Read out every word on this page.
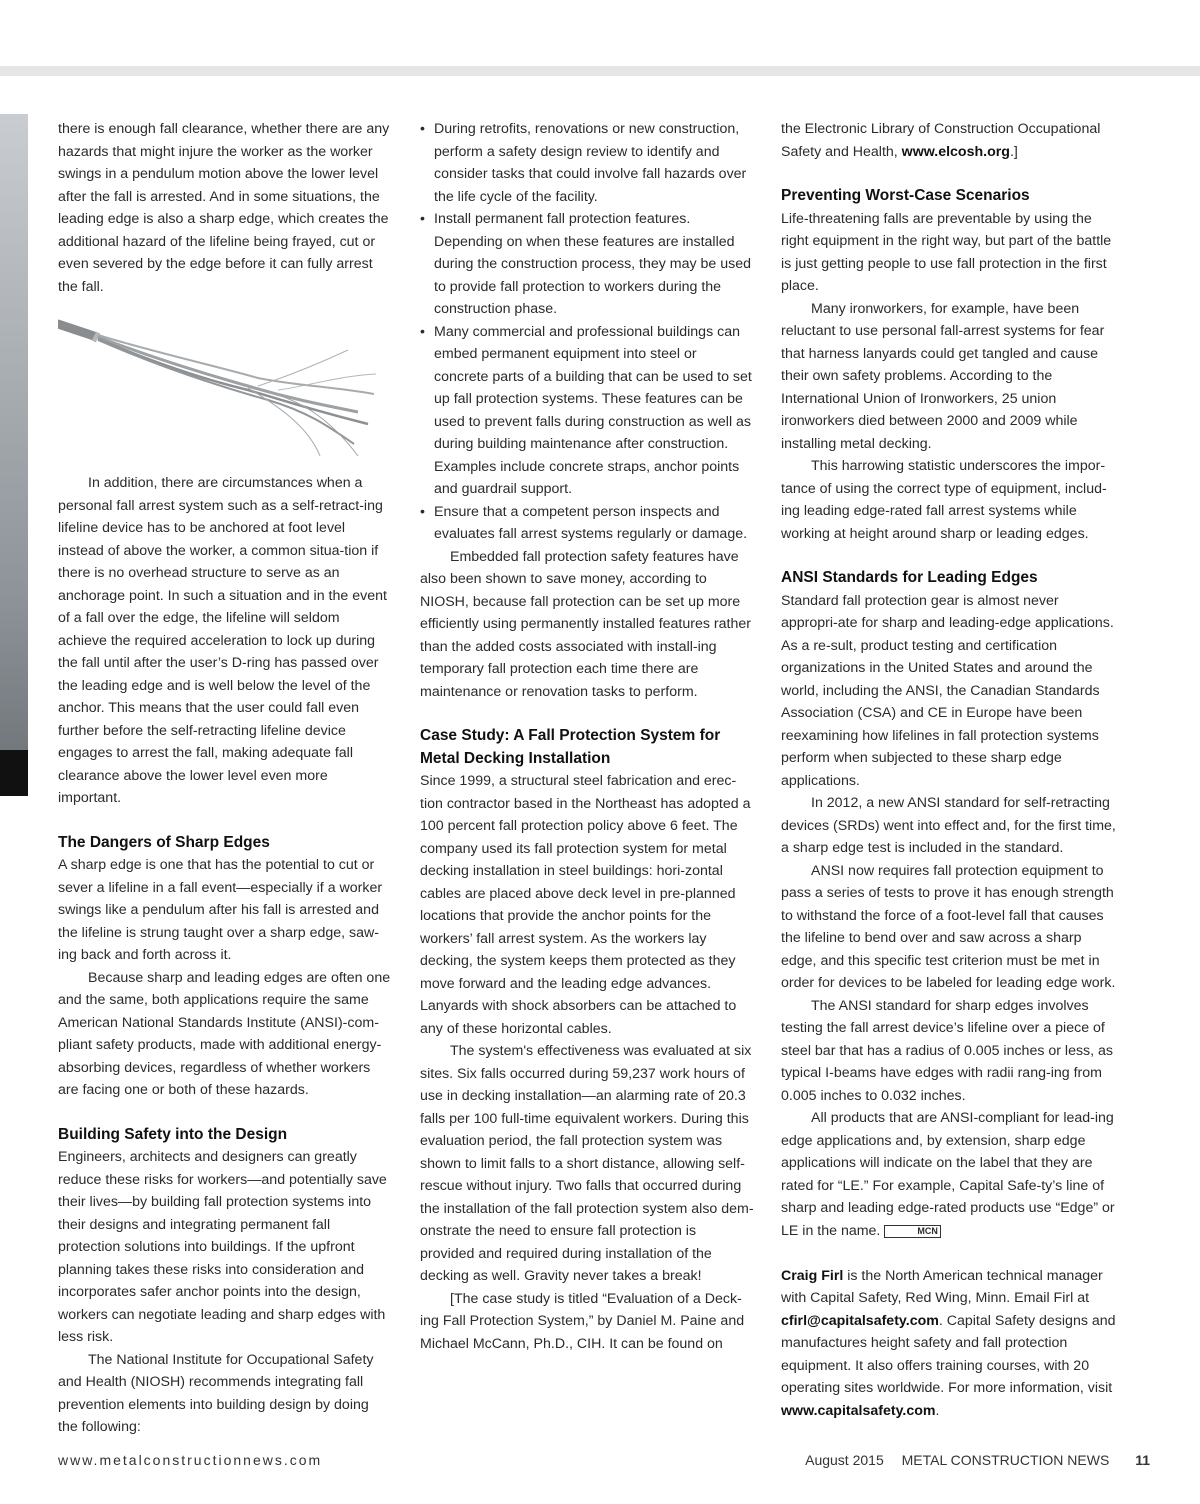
there is enough fall clearance, whether there are any hazards that might injure the worker as the worker swings in a pendulum motion above the lower level after the fall is arrested. And in some situations, the leading edge is also a sharp edge, which creates the additional hazard of the lifeline being frayed, cut or even severed by the edge before it can fully arrest the fall.

In addition, there are circumstances when a personal fall arrest system such as a self-retract-ing lifeline device has to be anchored at foot level instead of above the worker, a common situa-tion if there is no overhead structure to serve as an anchorage point. In such a situation and in the event of a fall over the edge, the lifeline will seldom achieve the required acceleration to lock up during the fall until after the user’s D-ring has passed over the leading edge and is well below the level of the anchor. This means that the user could fall even further before the self-retracting lifeline device engages to arrest the fall, making adequate fall clearance above the lower level even more important.

The Dangers of Sharp Edges

A sharp edge is one that has the potential to cut or sever a lifeline in a fall event—especially if a worker swings like a pendulum after his fall is arrested and the lifeline is strung taught over a sharp edge, saw-ing back and forth across it.

Because sharp and leading edges are often one and the same, both applications require the same American National Standards Institute (ANSI)-com-pliant safety products, made with additional energy-absorbing devices, regardless of whether workers are facing one or both of these hazards.

Building Safety into the Design

Engineers, architects and designers can greatly reduce these risks for workers—and potentially save their lives—by building fall protection systems into their designs and integrating permanent fall protection solutions into buildings. If the upfront planning takes these risks into consideration and incorporates safer anchor points into the design, workers can negotiate leading and sharp edges with less risk.

The National Institute for Occupational Safety and Health (NIOSH) recommends integrating fall prevention elements into building design by doing the following:

• During retrofits, renovations or new construction, perform a safety design review to identify and consider tasks that could involve fall hazards over the life cycle of the facility.
• Install permanent fall protection features. Depending on when these features are installed during the construction process, they may be used to provide fall protection to workers during the construction phase.
• Many commercial and professional buildings can embed permanent equipment into steel or concrete parts of a building that can be used to set up fall protection systems. These features can be used to prevent falls during construction as well as during building maintenance after construction. Examples include concrete straps, anchor points and guardrail support.
• Ensure that a competent person inspects and evaluates fall arrest systems regularly or damage.

Embedded fall protection safety features have also been shown to save money, according to NIOSH, because fall protection can be set up more efficiently using permanently installed features rather than the added costs associated with install-ing temporary fall protection each time there are maintenance or renovation tasks to perform.

Case Study: A Fall Protection System for Metal Decking Installation

Since 1999, a structural steel fabrication and erec-tion contractor based in the Northeast has adopted a 100 percent fall protection policy above 6 feet. The company used its fall protection system for metal decking installation in steel buildings: hori-zontal cables are placed above deck level in pre-planned locations that provide the anchor points for the workers’ fall arrest system. As the workers lay decking, the system keeps them protected as they move forward and the leading edge advances. Lanyards with shock absorbers can be attached to any of these horizontal cables.

The system's effectiveness was evaluated at six sites. Six falls occurred during 59,237 work hours of use in decking installation—an alarming rate of 20.3 falls per 100 full-time equivalent workers. During this evaluation period, the fall protection system was shown to limit falls to a short distance, allowing self-rescue without injury. Two falls that occurred during the installation of the fall protection system also dem-onstrate the need to ensure fall protection is provided and required during installation of the decking as well. Gravity never takes a break!

[The case study is titled “Evaluation of a Deck-ing Fall Protection System,” by Daniel M. Paine and Michael McCann, Ph.D., CIH. It can be found on

the Electronic Library of Construction Occupational Safety and Health, www.elcosh.org.]

Preventing Worst-Case Scenarios

Life-threatening falls are preventable by using the right equipment in the right way, but part of the battle is just getting people to use fall protection in the first place.

Many ironworkers, for example, have been reluctant to use personal fall-arrest systems for fear that harness lanyards could get tangled and cause their own safety problems. According to the International Union of Ironworkers, 25 union ironworkers died between 2000 and 2009 while installing metal decking.

This harrowing statistic underscores the impor-tance of using the correct type of equipment, includ-ing leading edge-rated fall arrest systems while working at height around sharp or leading edges.

ANSI Standards for Leading Edges

Standard fall protection gear is almost never appropri-ate for sharp and leading-edge applications. As a re-sult, product testing and certification organizations in the United States and around the world, including the ANSI, the Canadian Standards Association (CSA) and CE in Europe have been reexamining how lifelines in fall protection systems perform when subjected to these sharp edge applications.

In 2012, a new ANSI standard for self-retracting devices (SRDs) went into effect and, for the first time, a sharp edge test is included in the standard.

ANSI now requires fall protection equipment to pass a series of tests to prove it has enough strength to withstand the force of a foot-level fall that causes the lifeline to bend over and saw across a sharp edge, and this specific test criterion must be met in order for devices to be labeled for leading edge work.

The ANSI standard for sharp edges involves testing the fall arrest device’s lifeline over a piece of steel bar that has a radius of 0.005 inches or less, as typical I-beams have edges with radii rang-ing from 0.005 inches to 0.032 inches.

All products that are ANSI-compliant for lead-ing edge applications and, by extension, sharp edge applications will indicate on the label that they are rated for “LE.” For example, Capital Safe-ty’s line of sharp and leading edge-rated products use “Edge” or LE in the name.	MCN

Craig Firl is the North American technical manager with Capital Safety, Red Wing, Minn. Email Firl at cfirl@capitalsafety.com. Capital Safety designs and manufactures height safety and fall protection equipment. It also offers training courses, with 20 operating sites worldwide. For more information, visit www.capitalsafety.com.

www.metalconstructionnews.com	August 2015 METAL CONSTRUCTION NEWS 11
